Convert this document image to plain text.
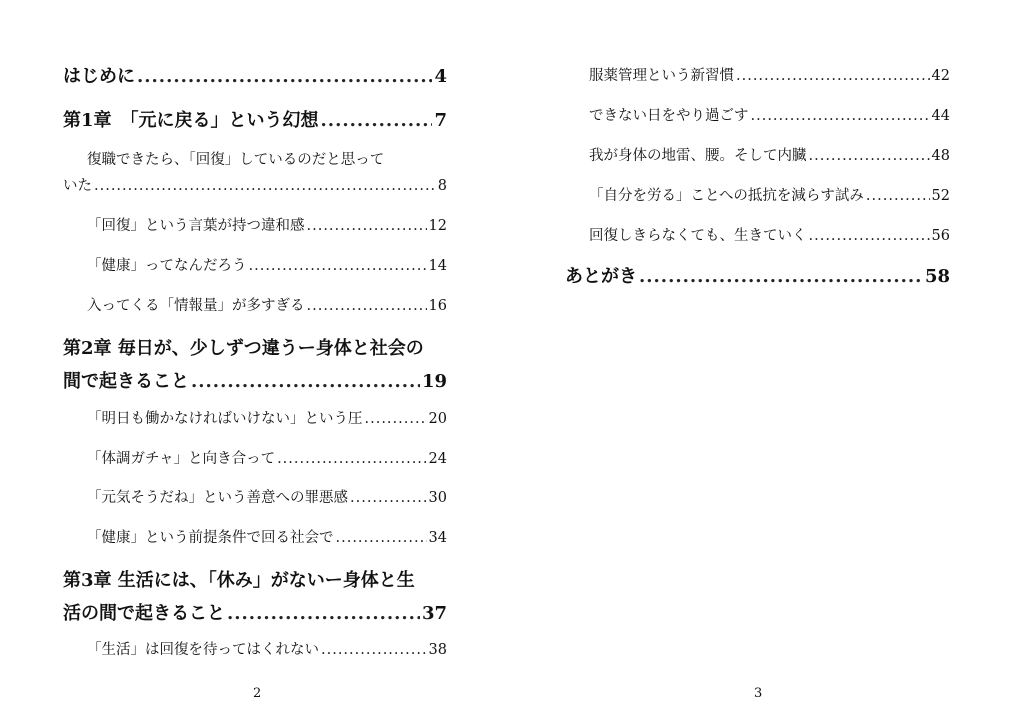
はじめに .....	4
第1章　「元に戻る」という幻想 .....	7
復職できたら、「回復」しているのだと思って
いた .....	8
「回復」という言葉が持つ違和感 .....	12
「健康」ってなんだろう .....	14
入ってくる「情報量」が多すぎる .....	16
第2章 毎日が、少しずつ違うー身体と社会の
間で起きること .....	19
「明日も働かなければいけない」という圧 .....	20
「体調ガチャ」と向き合って .....	24
「元気そうだね」という善意への罪悪感 .....	30
「健康」という前提条件で回る社会で .....	34
第3章 生活には、「休み」がないー身体と生
活の間で起きること .....	37
「生活」は回復を待ってはくれない .....	38
2
服薬管理という新習慣 .....	42
できない日をやり過ごす .....	44
我が身体の地雷、腰。そして内臓 .....	48
「自分を労る」ことへの抵抗を減らす試み .....	52
回復しきらなくても、生きていく .....	56
あとがき .....	58
3
